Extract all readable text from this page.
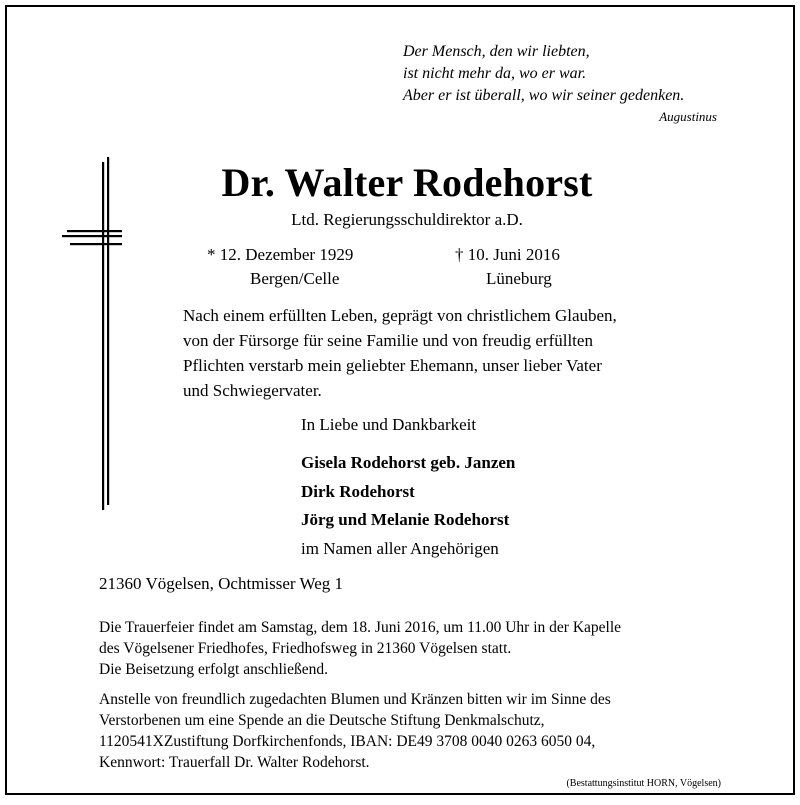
Der Mensch, den wir liebten,
ist nicht mehr da, wo er war.
Aber er ist überall, wo wir seiner gedenken.
Augustinus
Dr. Walter Rodehorst
Ltd. Regierungsschuldirektor a.D.
* 12. Dezember 1929
Bergen/Celle
† 10. Juni 2016
Lüneburg
Nach einem erfüllten Leben, geprägt von christlichem Glauben,
von der Fürsorge für seine Familie und von freudig erfüllten
Pflichten verstarb mein geliebter Ehemann, unser lieber Vater
und Schwiegervater.
In Liebe und Dankbarkeit
Gisela Rodehorst geb. Janzen
Dirk Rodehorst
Jörg und Melanie Rodehorst
im Namen aller Angehörigen
21360 Vögelsen, Ochtmisser Weg 1
Die Trauerfeier findet am Samstag, dem 18. Juni 2016, um 11.00 Uhr in der Kapelle
des Vögelsener Friedhofes, Friedhofsweg in 21360 Vögelsen statt.
Die Beisetzung erfolgt anschließend.
Anstelle von freundlich zugedachten Blumen und Kränzen bitten wir im Sinne des
Verstorbenen um eine Spende an die Deutsche Stiftung Denkmalschutz,
1120541XZustiftung Dorfkirchenfonds, IBAN: DE49 3708 0040 0263 6050 04,
Kennwort: Trauerfall Dr. Walter Rodehorst.
(Bestattungsinstitut HORN, Vögelsen)
